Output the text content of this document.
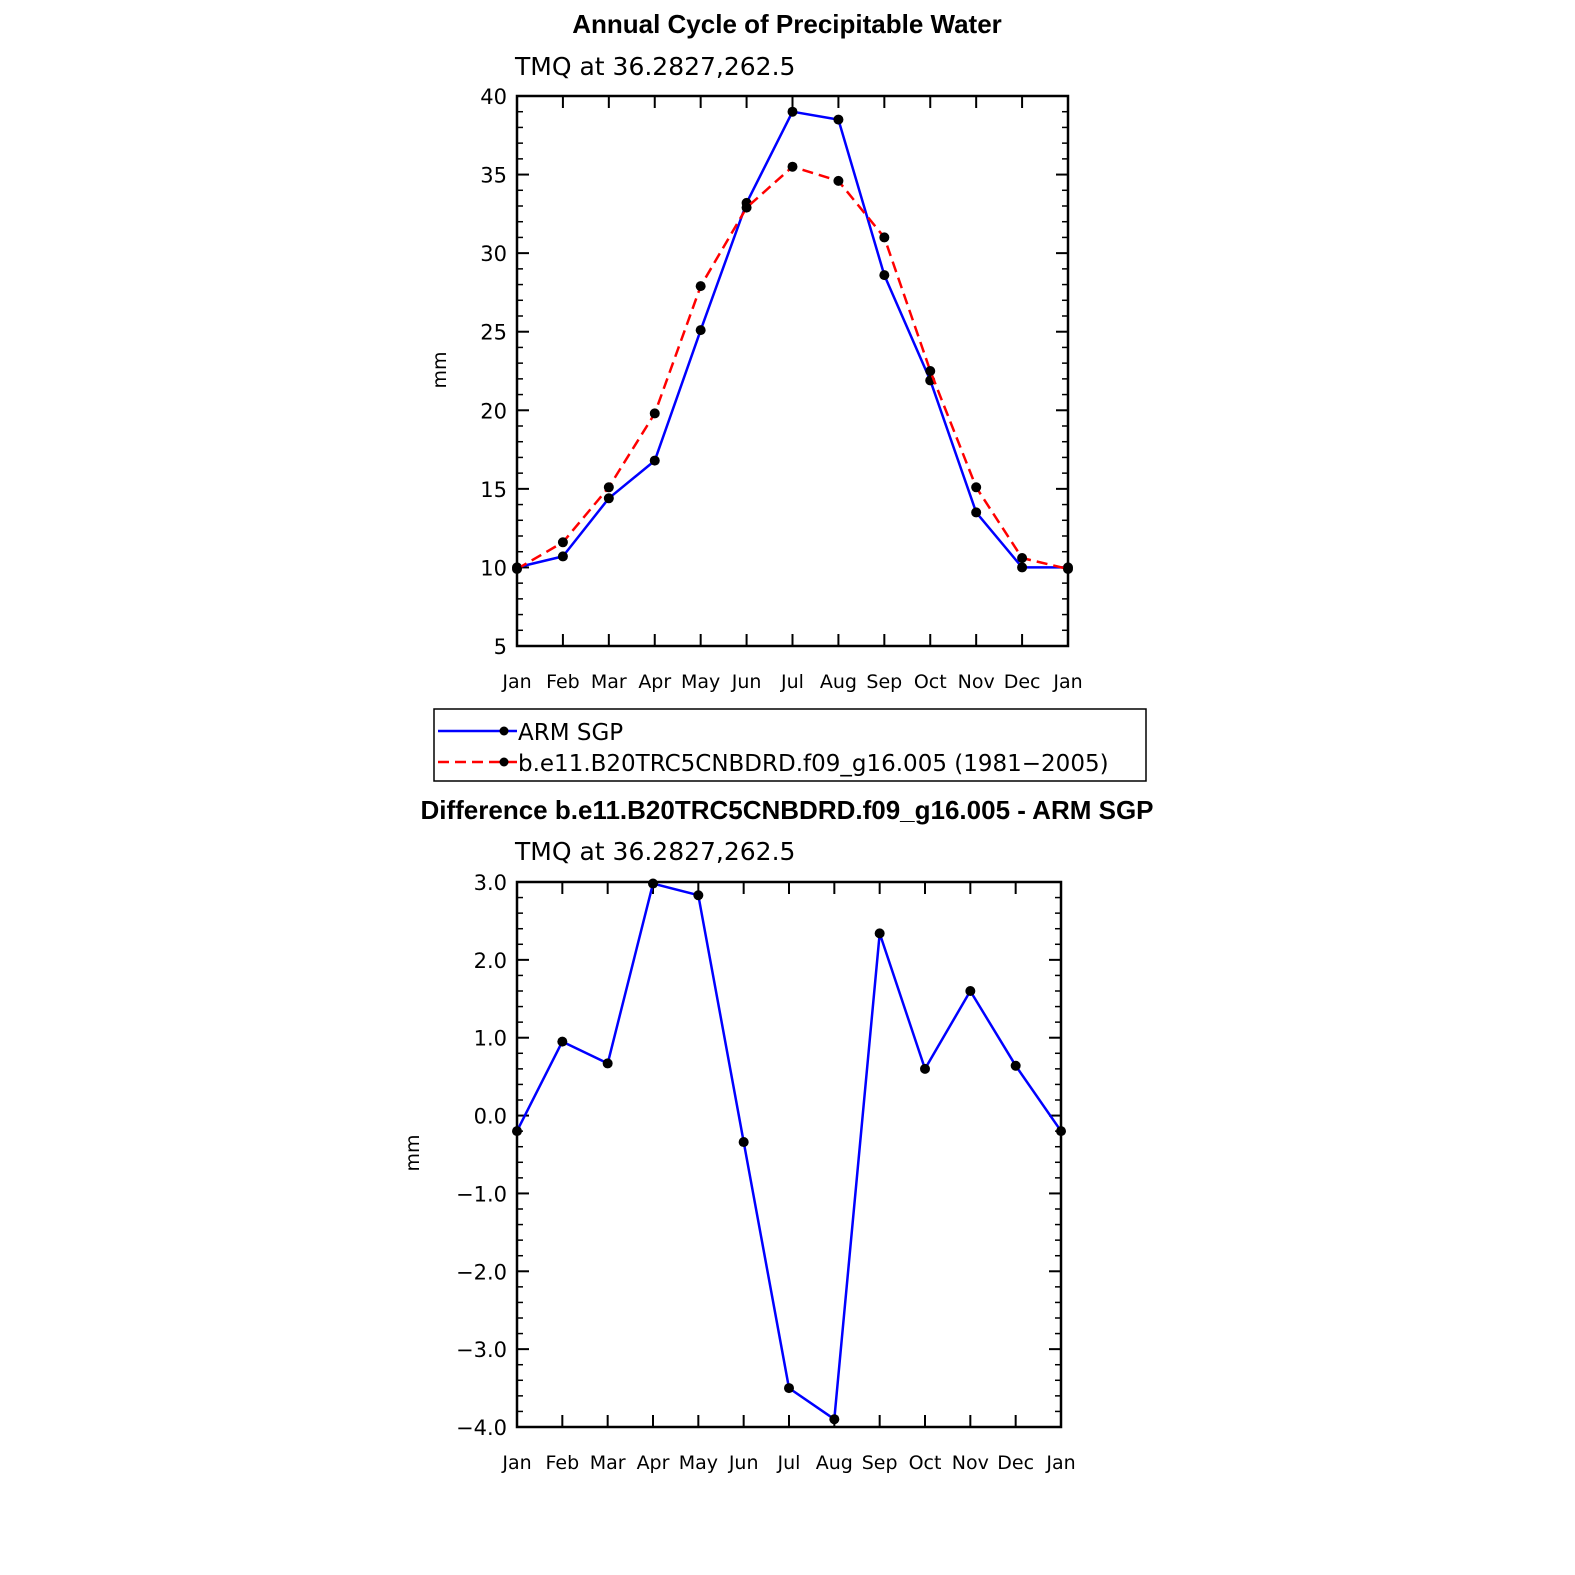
Annual Cycle of Precipitable Water
TMQ at 36.2827,262.5
mm
5
10
15
20
25
30
35
40
Jan Feb Mar Apr May Jun Jul Aug Sep Oct Nov Dec Jan
ARM SGP
b.e11.B20TRC5CNBDRD.f09_g16.005 (1981−2005)
Difference b.e11.B20TRC5CNBDRD.f09_g16.005 - ARM SGP
TMQ at 36.2827,262.5
mm
−4.0
−3.0
−2.0
−1.0
0.0
1.0
2.0
3.0
Jan Feb Mar Apr May Jun Jul Aug Sep Oct Nov Dec Jan
